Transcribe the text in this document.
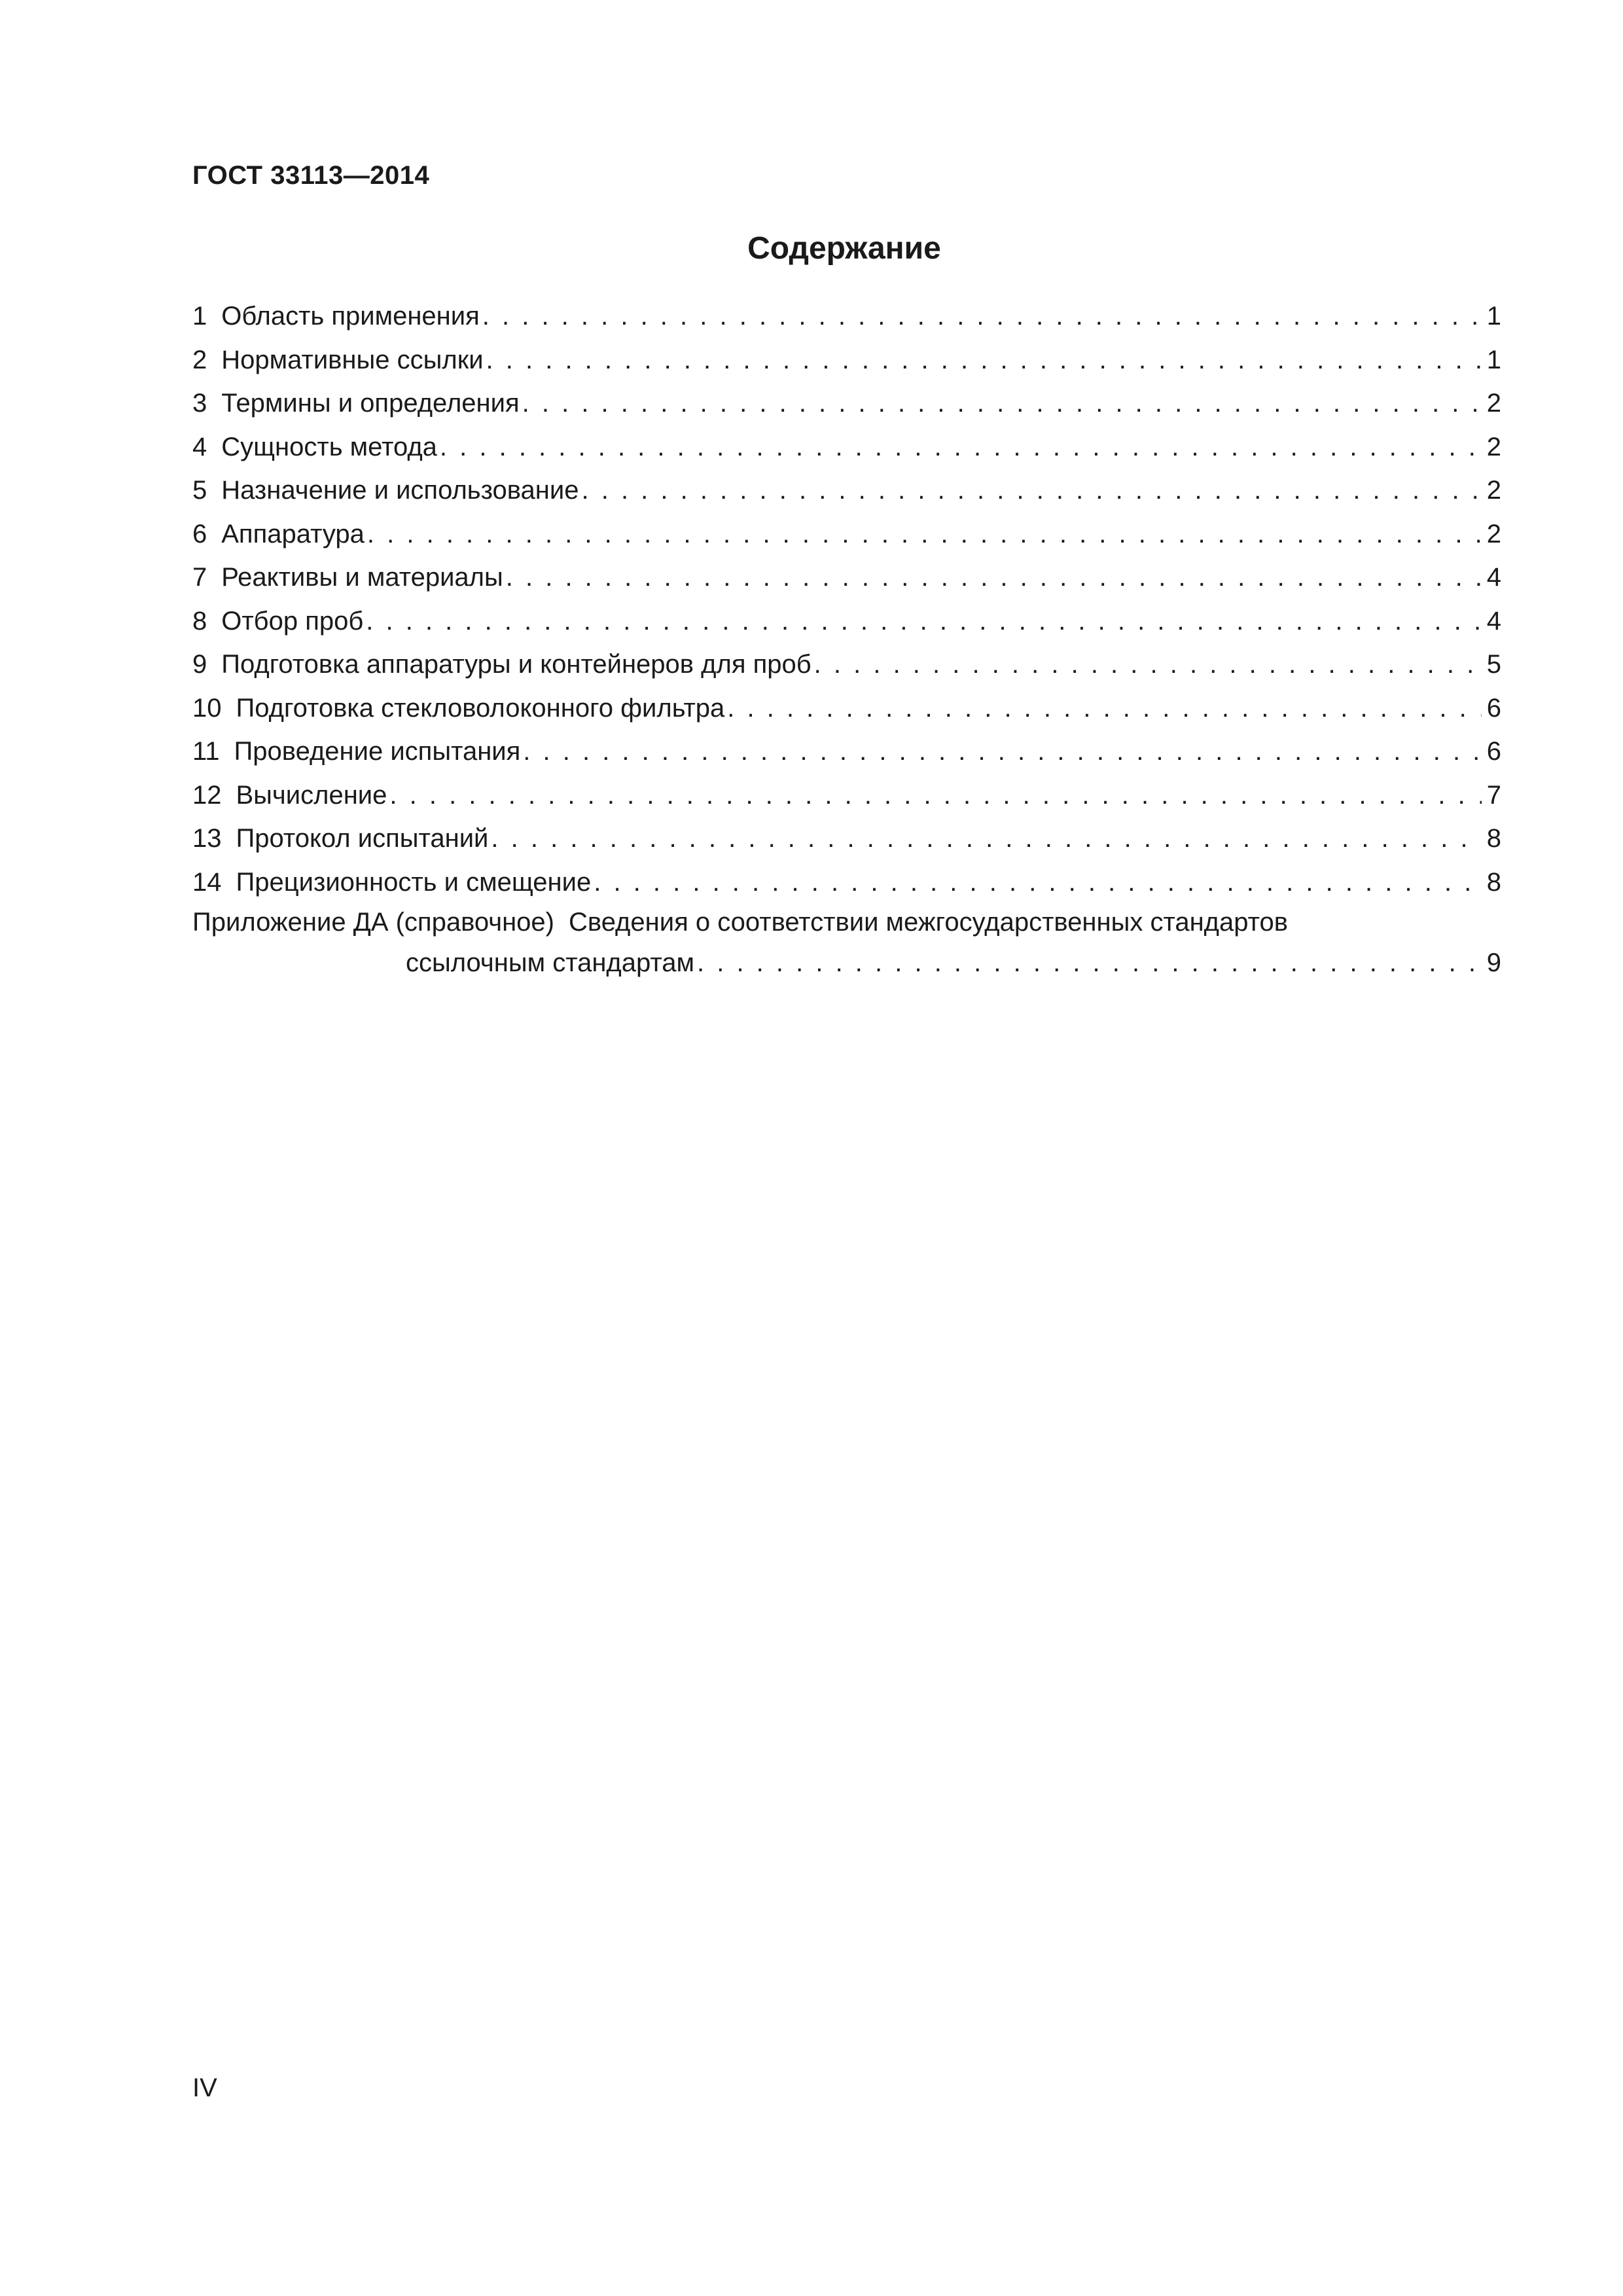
ГОСТ 33113—2014
Содержание
1 Область применения . . .	1
2 Нормативные ссылки . . .	1
3 Термины и определения . . .	2
4 Сущность метода . . .	2
5 Назначение и использование . . .	2
6 Аппаратура . . .	2
7 Реактивы и материалы . . .	4
8 Отбор проб . . .	4
9 Подготовка аппаратуры и контейнеров для проб . . .	5
10 Подготовка стекловолоконного фильтра . . .	6
11 Проведение испытания . . .	6
12 Вычисление . . .	7
13 Протокол испытаний . . .	8
14 Прецизионность и смещение . . .	8
Приложение ДА (справочное) Сведения о соответствии межгосударственных стандартов
ссылочным стандартам . . .	9
IV
